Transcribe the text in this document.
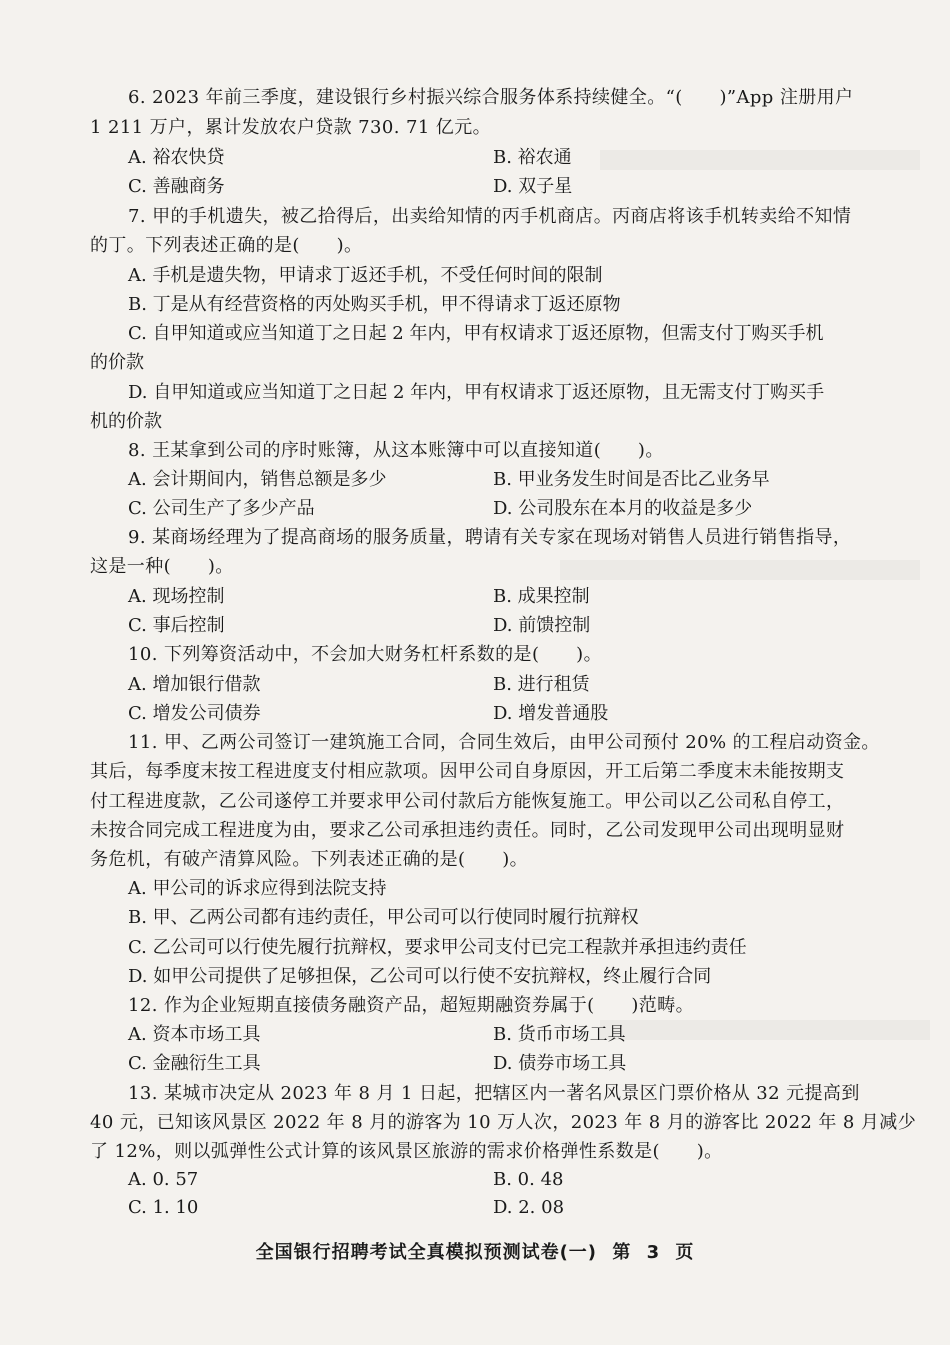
6. 2023 年前三季度，建设银行乡村振兴综合服务体系持续健全。“(　　)”App 注册用户
1 211 万户，累计发放农户贷款 730. 71 亿元。
A. 裕农快贷	B. 裕农通
C. 善融商务	D. 双子星
7. 甲的手机遗失，被乙拾得后，出卖给知情的丙手机商店。丙商店将该手机转卖给不知情
的丁。下列表述正确的是(　　)。
A. 手机是遗失物，甲请求丁返还手机，不受任何时间的限制
B. 丁是从有经营资格的丙处购买手机，甲不得请求丁返还原物
C. 自甲知道或应当知道丁之日起 2 年内，甲有权请求丁返还原物，但需支付丁购买手机
的价款
D. 自甲知道或应当知道丁之日起 2 年内，甲有权请求丁返还原物，且无需支付丁购买手
机的价款
8. 王某拿到公司的序时账簿，从这本账簿中可以直接知道(　　)。
A. 会计期间内，销售总额是多少	B. 甲业务发生时间是否比乙业务早
C. 公司生产了多少产品	D. 公司股东在本月的收益是多少
9. 某商场经理为了提高商场的服务质量，聘请有关专家在现场对销售人员进行销售指导，
这是一种(　　)。
A. 现场控制	B. 成果控制
C. 事后控制	D. 前馈控制
10. 下列筹资活动中，不会加大财务杠杆系数的是(　　)。
A. 增加银行借款	B. 进行租赁
C. 增发公司债券	D. 增发普通股
11. 甲、乙两公司签订一建筑施工合同，合同生效后，由甲公司预付 20% 的工程启动资金。
其后，每季度末按工程进度支付相应款项。因甲公司自身原因，开工后第二季度末未能按期支
付工程进度款，乙公司遂停工并要求甲公司付款后方能恢复施工。甲公司以乙公司私自停工，
未按合同完成工程进度为由，要求乙公司承担违约责任。同时，乙公司发现甲公司出现明显财
务危机，有破产清算风险。下列表述正确的是(　　)。
A. 甲公司的诉求应得到法院支持
B. 甲、乙两公司都有违约责任，甲公司可以行使同时履行抗辩权
C. 乙公司可以行使先履行抗辩权，要求甲公司支付已完工程款并承担违约责任
D. 如甲公司提供了足够担保，乙公司可以行使不安抗辩权，终止履行合同
12. 作为企业短期直接债务融资产品，超短期融资券属于(　　)范畴。
A. 资本市场工具	B. 货币市场工具
C. 金融衍生工具	D. 债券市场工具
13. 某城市决定从 2023 年 8 月 1 日起，把辖区内一著名风景区门票价格从 32 元提高到
40 元，已知该风景区 2022 年 8 月的游客为 10 万人次，2023 年 8 月的游客比 2022 年 8 月减少
了 12%，则以弧弹性公式计算的该风景区旅游的需求价格弹性系数是(　　)。
A. 0. 57	B. 0. 48
C. 1. 10	D. 2. 08
全国银行招聘考试全真模拟预测试卷(一) 第 3 页
